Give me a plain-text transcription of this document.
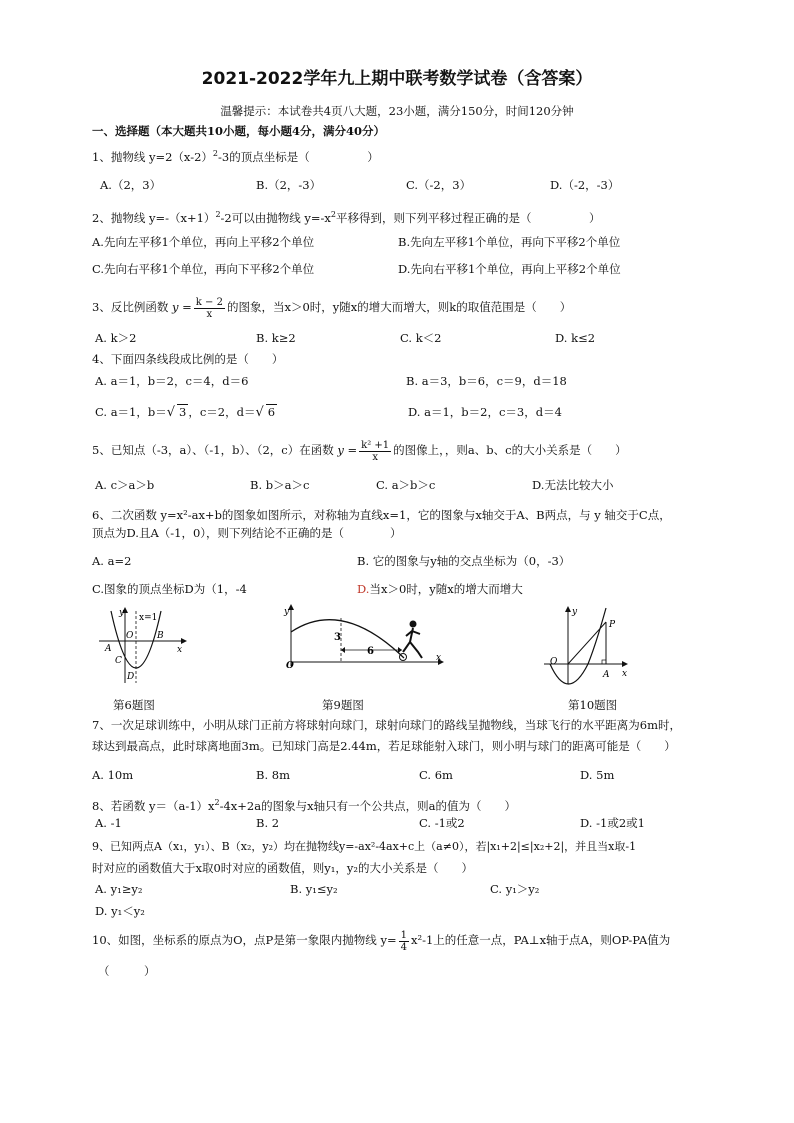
2021-2022学年九上期中联考数学试卷（含答案）
温馨提示：本试卷共4页八大题，23小题，满分150分，时间120分钟
一、选择题（本大题共10小题，每小题4分，满分40分）
1、抛物线 $y=2(x-2)^2-3$的顶点坐标是（　　　　　）
A.（2，3）	B.（2，-3）	C.（-2，3）	D.（-2，-3）
2、抛物线 $y=-(x+1)^2-2$可以由抛物线 $y=-x^2$平移得到，则下列平移过程正确的是（　　　　　）
A.先向左平移1个单位，再向上平移2个单位	B.先向左平移1个单位，再向下平移2个单位
C.先向右平移1个单位，再向下平移2个单位	D.先向右平移1个单位，再向上平移2个单位
3、反比例函数 $y = \frac{k - 2}{x}$ 的图象，当x＞0时，y随x的增大而增大，则k的取值范围是（　　）
A. k＞2	B. k≥2	C. k＜2	D. k≤2
4、下面四条线段成比例的是（　　）
A. a＝1，b＝2，c＝4，d＝6	B. a＝3，b＝6，c＝9，d＝18
C. a＝1，b＝√ 3 ，c＝2，d＝√ 6	D. a＝1，b＝2，c＝3，d＝4
5、已知点（-3，a）、（-1，b）、（2，c）在函数 $y = \frac{\text{k² +1}}{x}$ 的图像上，，则a、b、c的大小关系是（　　）
A. c＞a＞b	B. b＞a＞c	C. a＞b＞c	D.无法比较大小
6、二次函数 y=x²-ax+b的图象如图所示，对称轴为直线x=1，它的图象与x轴交于A、B两点，与 y 轴交于C点，
顶点为D.且A（-1，0），则下列结论不正确的是（　　　　）
A. a=2	B. 它的图象与y轴的交点坐标为（0，-3）
C.图象的顶点坐标D为（1，-4	D.当x＞0时，y随x的增大而增大
y
x
x=1
O
A
B
C
D
y
x
O
3
6
y
x
O
A
P
第6题图	第9题图	第10题图
7、一次足球训练中，小明从球门正前方将球射向球门，球射向球门的路线呈抛物线，当球飞行的水平距离为6m时，
球达到最高点，此时球离地面3m。已知球门高是2.44m，若足球能射入球门，则小明与球门的距离可能是（　　）
A. 10m	B. 8m	C. 6m	D. 5m
8、若函数 $y=(a-1)x^2-4x+2a$的图象与x轴只有一个公共点，则a的值为（　　）
A. -1	B. 2	C. -1或2	D. -1或2或1
9、已知两点A（x₁，y₁）、B（x₂，y₂）均在抛物线y=-ax²-4ax+c上（a≠0），若|x₁+2|≤|x₂+2|，并且当x取-1
时对应的函数值大于x取0时对应的函数值，则y₁，y₂的大小关系是（　　）
A. y₁≥y₂	B. y₁≤y₂	C. y₁＞y₂
D. y₁＜y₂
10、如图，坐标系的原点为O，点P是第一象限内抛物线 $y= \frac{1}{4} x^2-1$上的任意一点，PA⊥x轴于点A，则OP-PA值为
（　　　）
